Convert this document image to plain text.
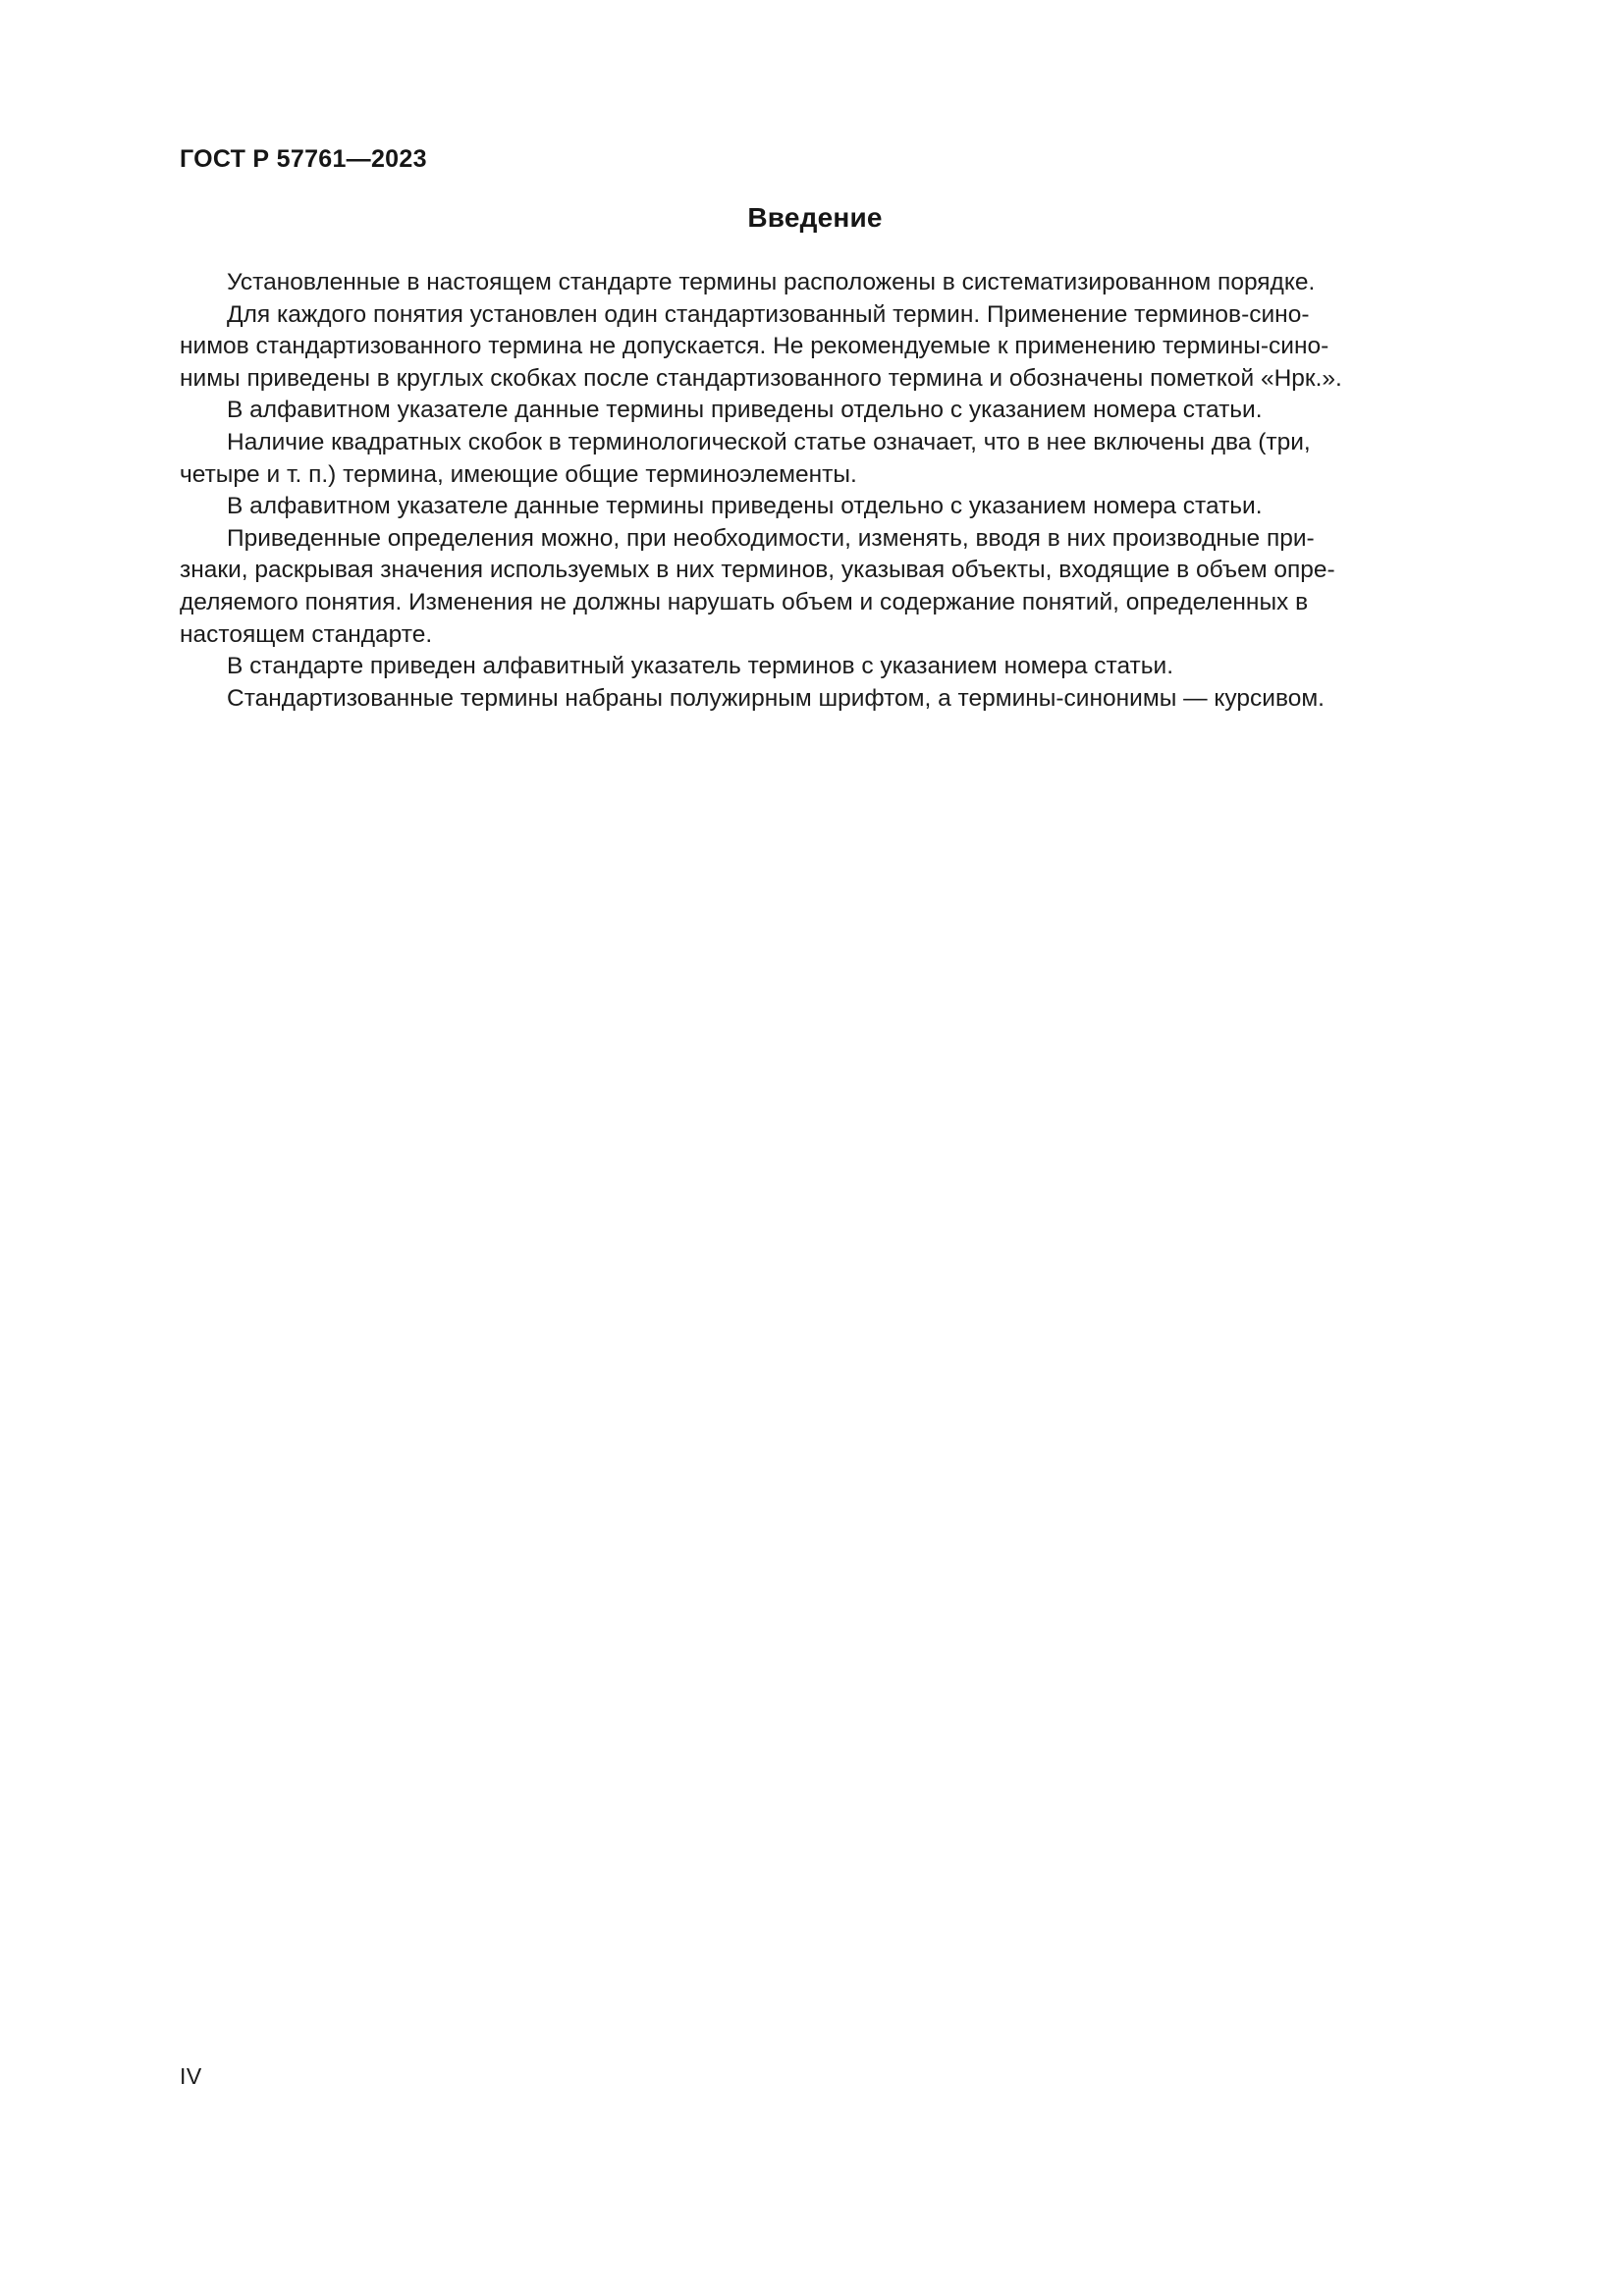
ГОСТ Р 57761—2023
Введение
Установленные в настоящем стандарте термины расположены в систематизированном порядке.
Для каждого понятия установлен один стандартизованный термин. Применение терминов-сино-
нимов стандартизованного термина не допускается. Не рекомендуемые к применению термины-сино-
нимы приведены в круглых скобках после стандартизованного термина и обозначены пометкой «Нрк.».
В алфавитном указателе данные термины приведены отдельно с указанием номера статьи.
Наличие квадратных скобок в терминологической статье означает, что в нее включены два (три,
четыре и т. п.) термина, имеющие общие терминоэлементы.
В алфавитном указателе данные термины приведены отдельно с указанием номера статьи.
Приведенные определения можно, при необходимости, изменять, вводя в них производные при-
знаки, раскрывая значения используемых в них терминов, указывая объекты, входящие в объем опре-
деляемого понятия. Изменения не должны нарушать объем и содержание понятий, определенных в
настоящем стандарте.
В стандарте приведен алфавитный указатель терминов с указанием номера статьи.
Стандартизованные термины набраны полужирным шрифтом, а термины-синонимы — курсивом.
IV
